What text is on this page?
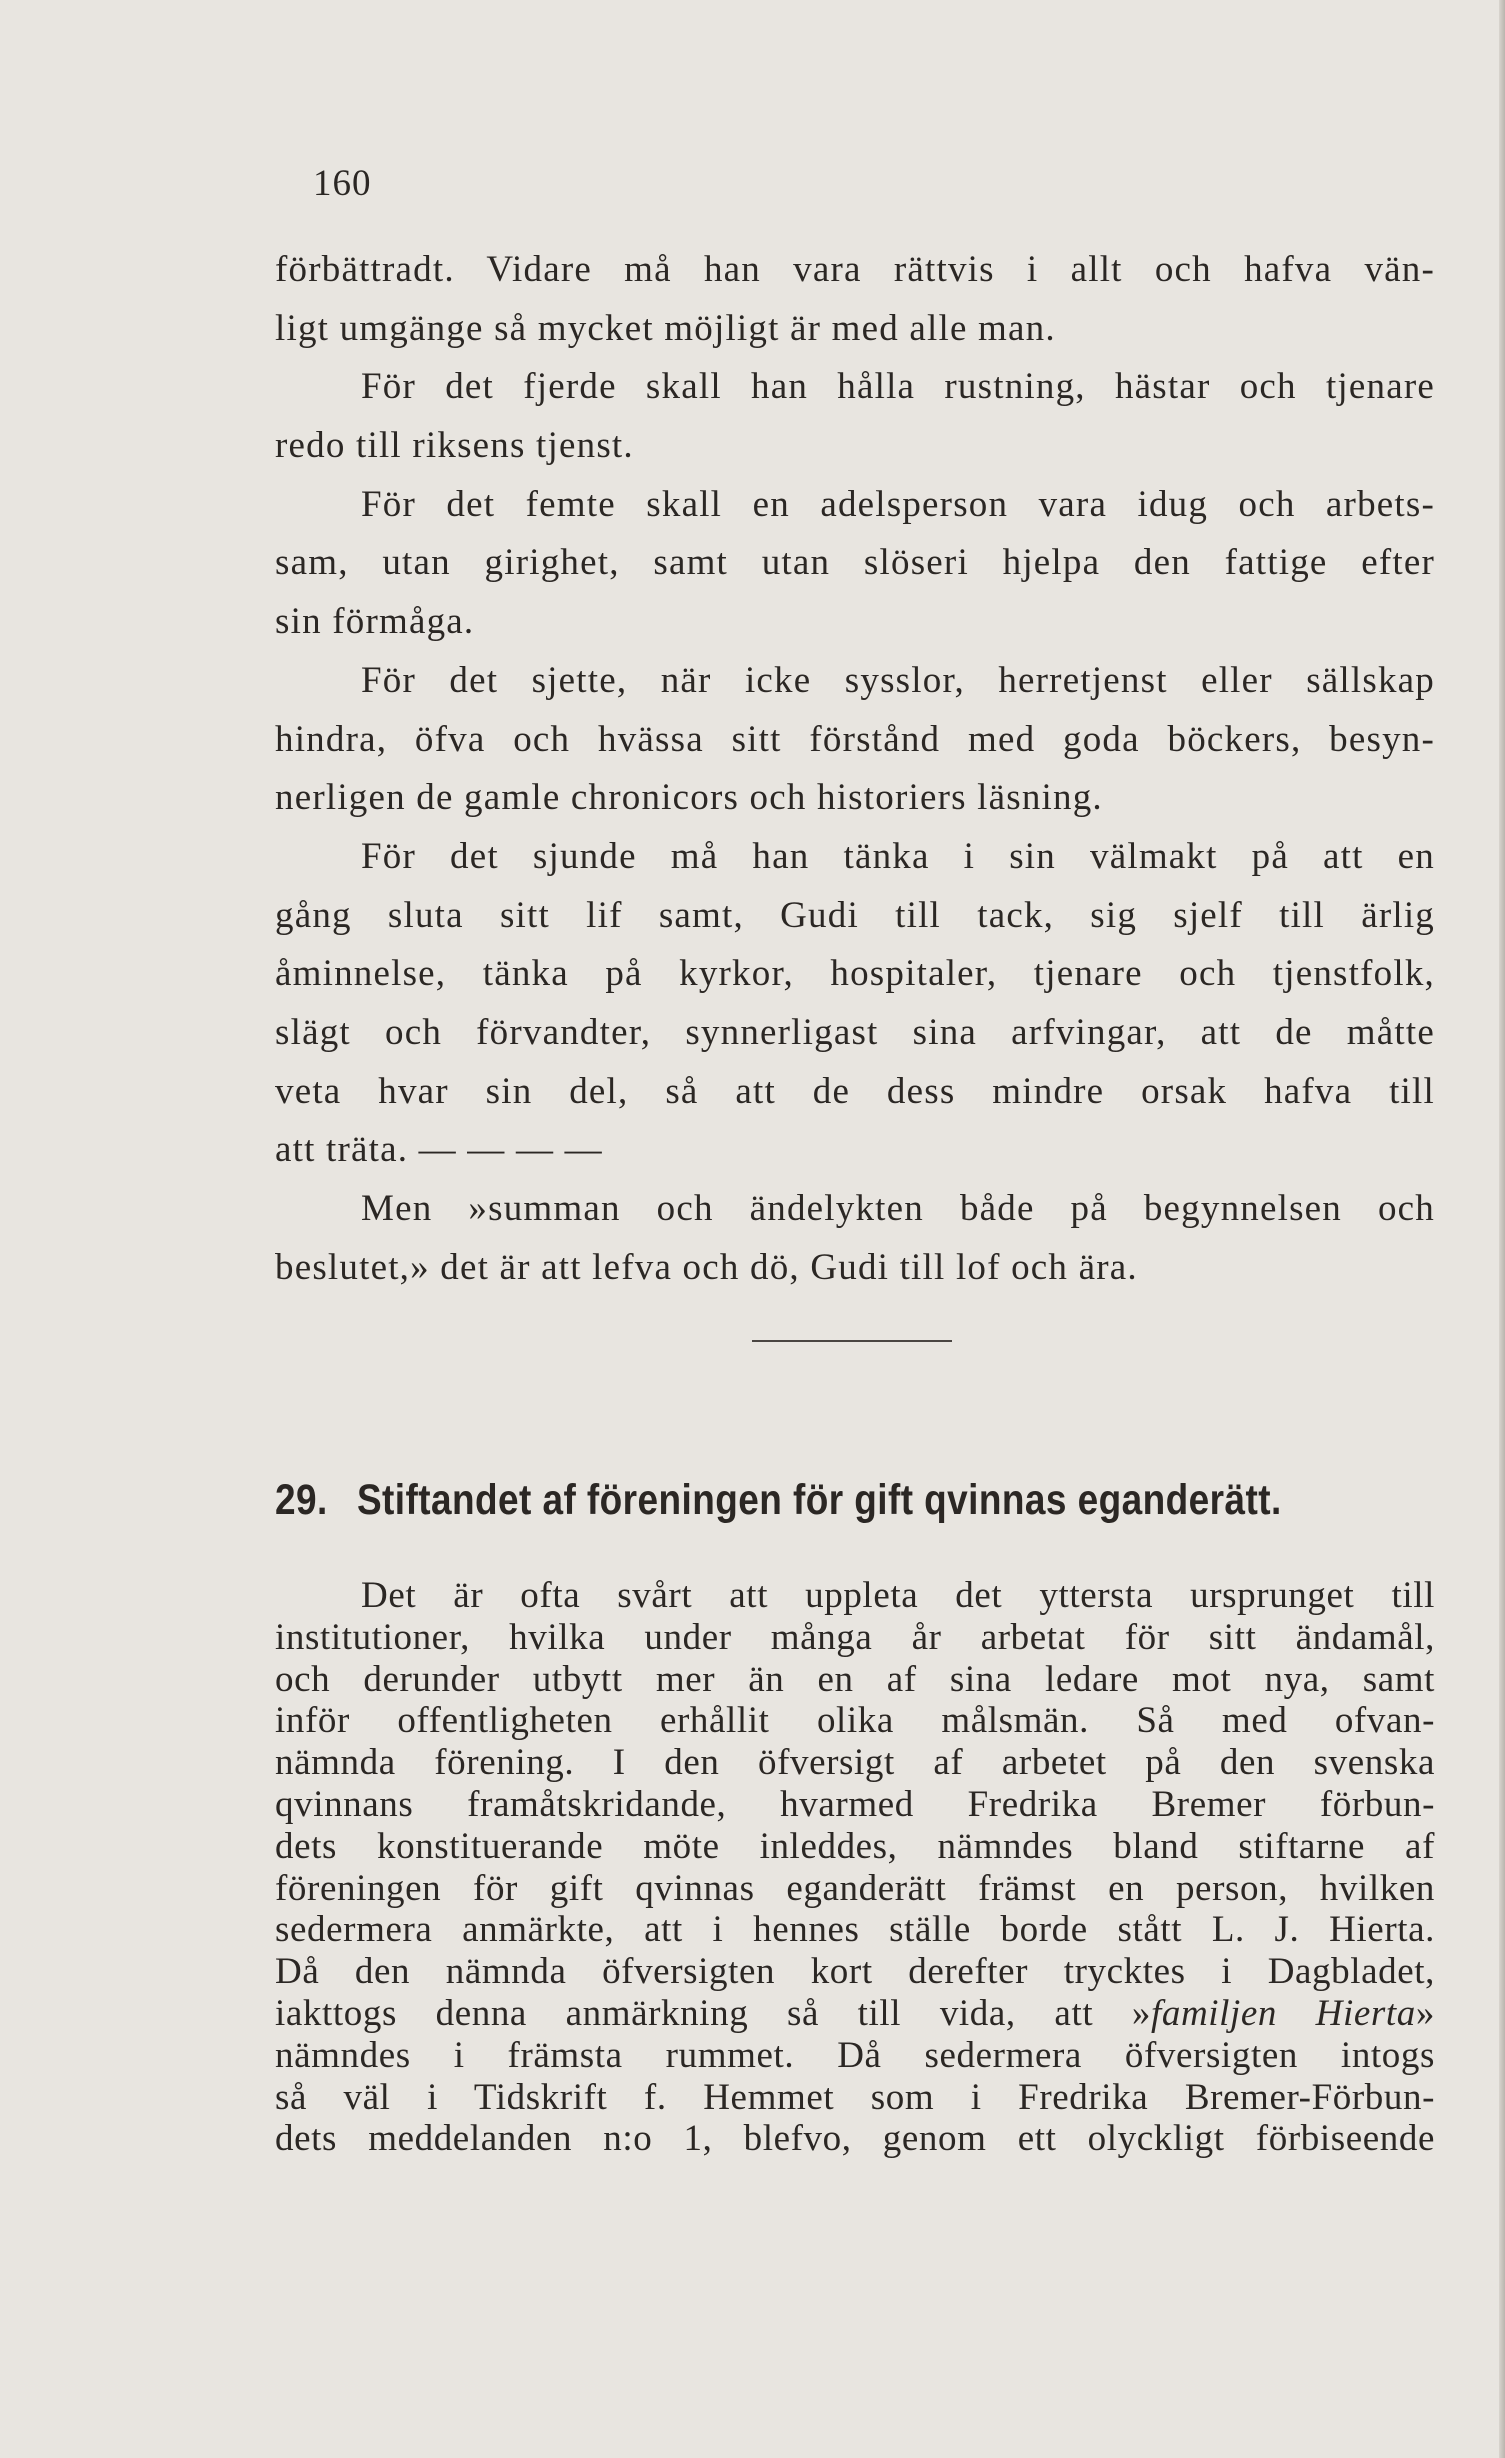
160
förbättradt. Vidare må han vara rättvis i allt och hafva vän-
ligt umgänge så mycket möjligt är med alle man.
För det fjerde skall han hålla rustning, hästar och tjenare
redo till riksens tjenst.
För det femte skall en adelsperson vara idug och arbets-
sam, utan girighet, samt utan slöseri hjelpa den fattige efter
sin förmåga.
För det sjette, när icke sysslor, herretjenst eller sällskap
hindra, öfva och hvässa sitt förstånd med goda böckers, besyn-
nerligen de gamle chronicors och historiers läsning.
För det sjunde må han tänka i sin välmakt på att en
gång sluta sitt lif samt, Gudi till tack, sig sjelf till ärlig
åminnelse, tänka på kyrkor, hospitaler, tjenare och tjenstfolk,
slägt och förvandter, synnerligast sina arfvingar, att de måtte
veta hvar sin del, så att de dess mindre orsak hafva till
att träta. — — — —
Men »summan och ändelykten både på begynnelsen och
beslutet,» det är att lefva och dö, Gudi till lof och ära.
29. Stiftandet af föreningen för gift qvinnas eganderätt.
Det är ofta svårt att uppleta det yttersta ursprunget till
institutioner, hvilka under många år arbetat för sitt ändamål,
och derunder utbytt mer än en af sina ledare mot nya, samt
inför offentligheten erhållit olika målsmän. Så med ofvan-
nämnda förening. I den öfversigt af arbetet på den svenska
qvinnans framåtskridande, hvarmed Fredrika Bremer förbun-
dets konstituerande möte inleddes, nämndes bland stiftarne af
föreningen för gift qvinnas eganderätt främst en person, hvilken
sedermera anmärkte, att i hennes ställe borde stått L. J. Hierta.
Då den nämnda öfversigten kort derefter trycktes i Dagbladet,
iakttogs denna anmärkning så till vida, att »familjen Hierta»
nämndes i främsta rummet. Då sedermera öfversigten intogs
så väl i Tidskrift f. Hemmet som i Fredrika Bremer-Förbun-
dets meddelanden n:o 1, blefvo, genom ett olyckligt förbiseende
